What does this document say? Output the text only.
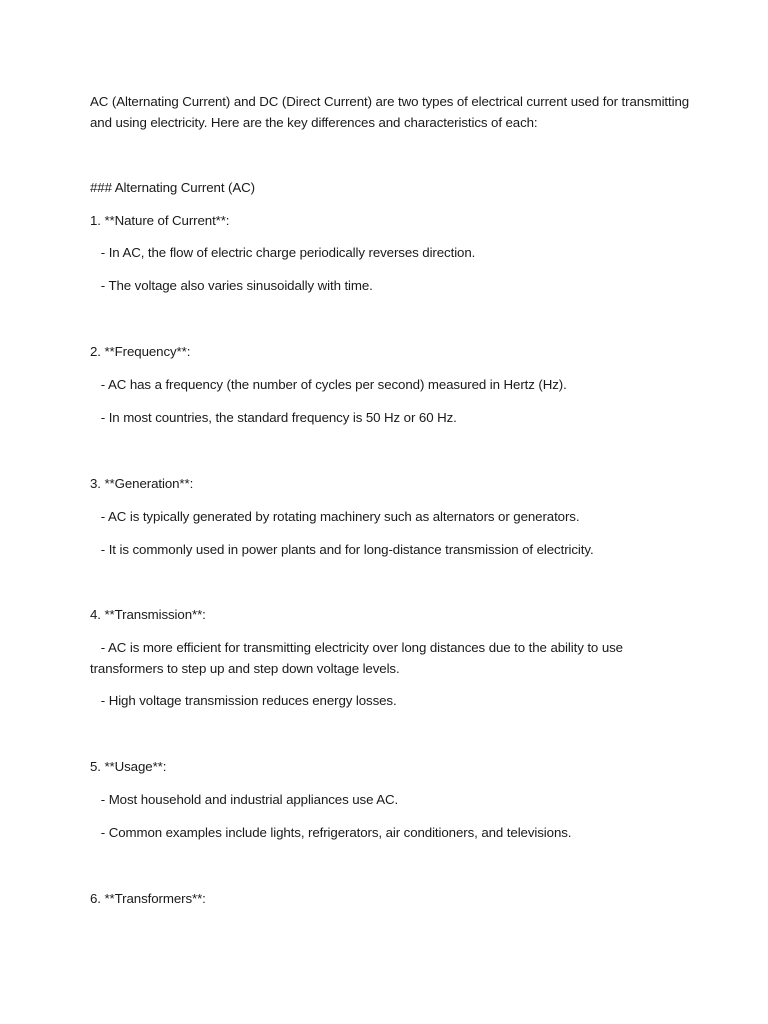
AC (Alternating Current) and DC (Direct Current) are two types of electrical current used for transmitting
and using electricity. Here are the key differences and characteristics of each:
### Alternating Current (AC)
1. **Nature of Current**:
- In AC, the flow of electric charge periodically reverses direction.
- The voltage also varies sinusoidally with time.
2. **Frequency**:
- AC has a frequency (the number of cycles per second) measured in Hertz (Hz).
- In most countries, the standard frequency is 50 Hz or 60 Hz.
3. **Generation**:
- AC is typically generated by rotating machinery such as alternators or generators.
- It is commonly used in power plants and for long-distance transmission of electricity.
4. **Transmission**:
- AC is more efficient for transmitting electricity over long distances due to the ability to use
transformers to step up and step down voltage levels.
- High voltage transmission reduces energy losses.
5. **Usage**:
- Most household and industrial appliances use AC.
- Common examples include lights, refrigerators, air conditioners, and televisions.
6. **Transformers**:
